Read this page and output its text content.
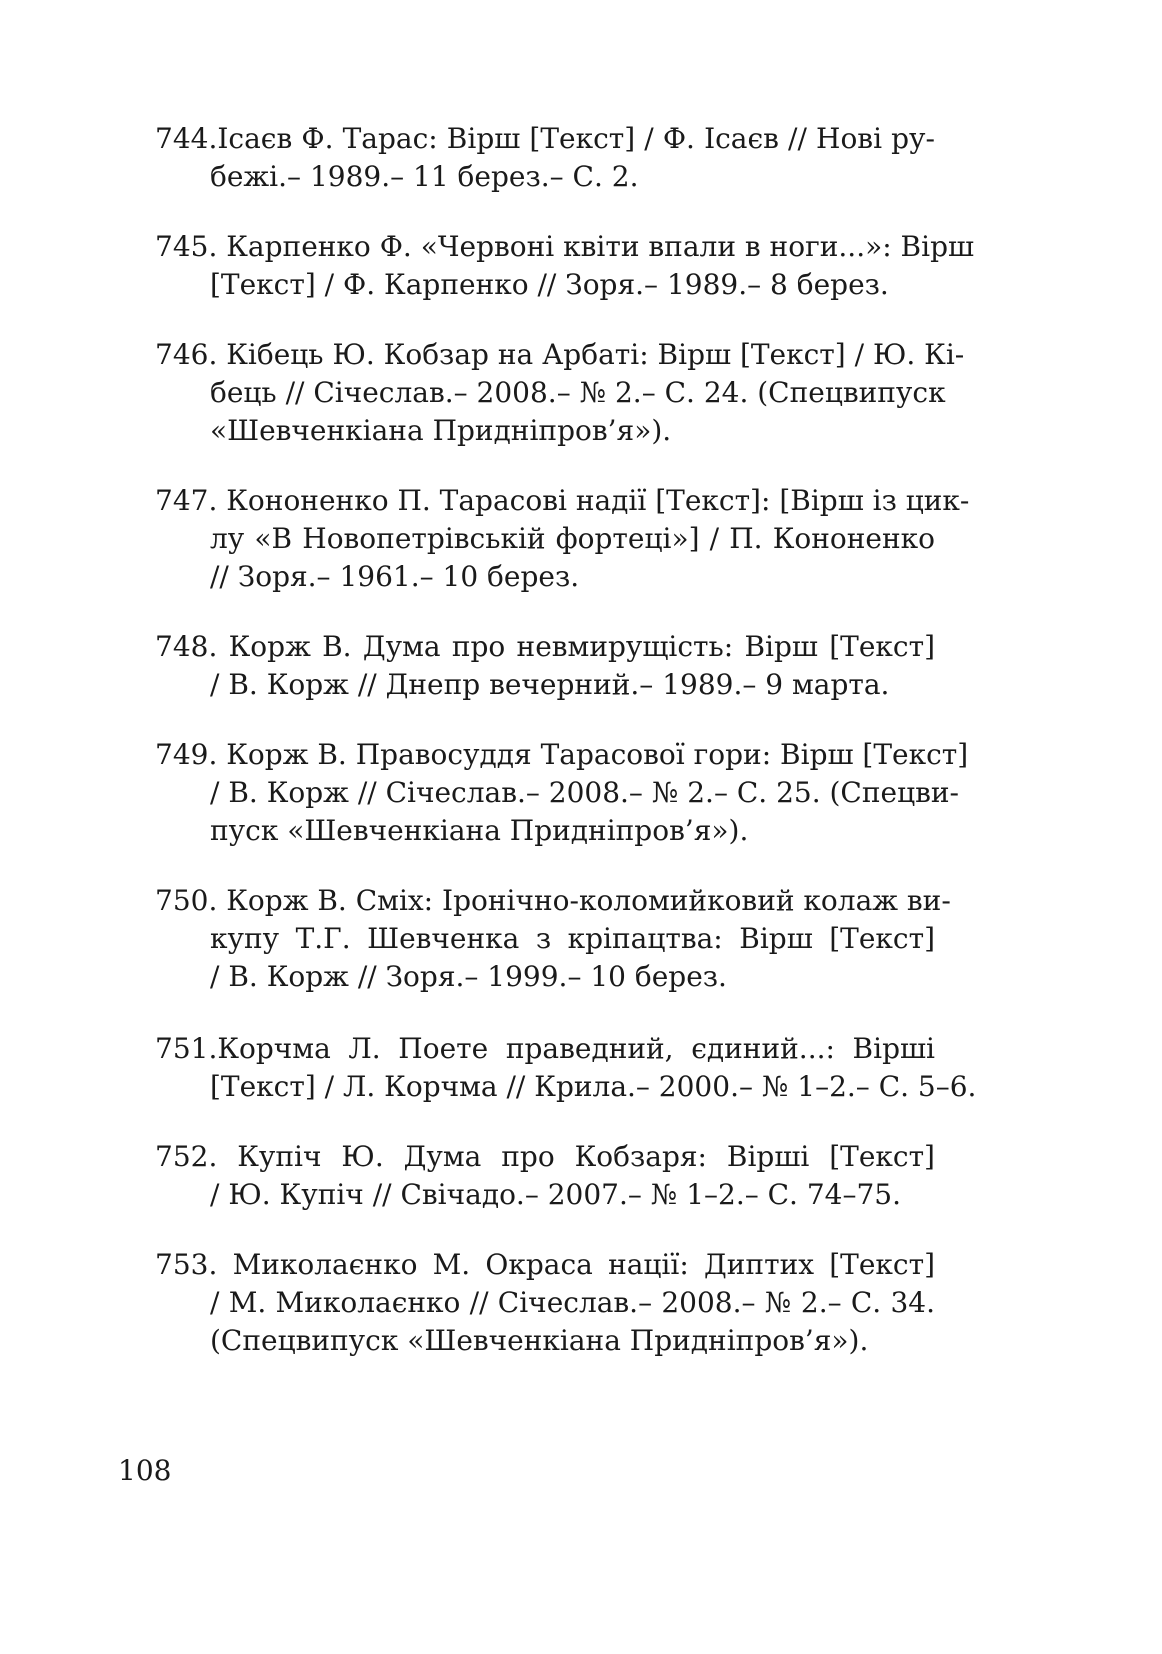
744.Ісаєв Ф. Тарас: Вірш [Текст] / Ф. Ісаєв // Нові ру-
бежі.– 1989.– 11 берез.– С. 2.
745. Карпенко Ф. «Червоні квіти впали в ноги...»: Вірш
[Текст] / Ф. Карпенко // Зоря.– 1989.– 8 берез.
746. Кібець Ю. Кобзар на Арбаті: Вірш [Текст] / Ю. Кі-
бець // Січеслав.– 2008.– № 2.– С. 24. (Спецвипуск
«Шевченкіана Придніпров’я»).
747. Кононенко П. Тарасові надії [Текст]: [Вірш із цик-
лу «В Новопетрівській фортеці»] / П. Кононенко
// Зоря.– 1961.– 10 берез.
748. Корж В. Дума про невмирущість: Вірш [Текст]
/ В. Корж // Днепр вечерний.– 1989.– 9 марта.
749. Корж В. Правосуддя Тарасової гори: Вірш [Текст]
/ В. Корж // Січеслав.– 2008.– № 2.– С. 25. (Спецви-
пуск «Шевченкіана Придніпров’я»).
750. Корж В. Сміх: Іронічно-коломийковий колаж ви-
купу Т.Г. Шевченка з кріпацтва: Вірш [Текст]
/ В. Корж // Зоря.– 1999.– 10 берез.
751.Корчма Л. Поете праведний, єдиний...: Вірші
[Текст] / Л. Корчма // Крила.– 2000.– № 1–2.– С. 5–6.
752. Купіч Ю. Дума про Кобзаря: Вірші [Текст]
/ Ю. Купіч // Свічадо.– 2007.– № 1–2.– С. 74–75.
753. Миколаєнко М. Окраса нації: Диптих [Текст]
/ М. Миколаєнко // Січеслав.– 2008.– № 2.– С. 34.
(Спецвипуск «Шевченкіана Придніпров’я»).
108
